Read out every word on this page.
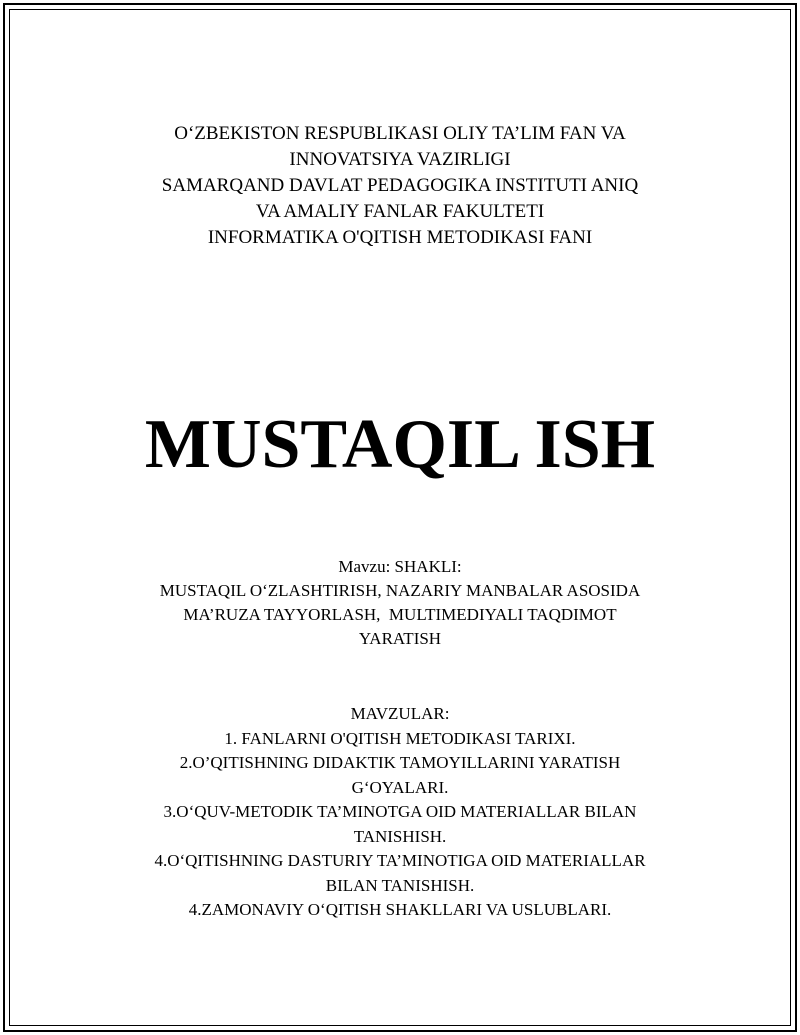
O‘ZBEKISTON RESPUBLIKASI OLIY TA’LIM FAN VA
INNOVATSIYA VAZIRLIGI
SAMARQAND DAVLAT PEDAGOGIKA INSTITUTI ANIQ
VA AMALIY FANLAR FAKULTETI
INFORMATIKA O'QITISH METODIKASI FANI
MUSTAQIL ISH
Mavzu: SHAKLI:
MUSTAQIL O‘ZLASHTIRISH, NAZARIY MANBALAR ASOSIDA
MA’RUZA TAYYORLASH,  MULTIMEDIYALI TAQDIMOT
YARATISH
MAVZULAR:
1. FANLARNI O'QITISH METODIKASI TARIXI.
2.O’QITISHNING DIDAKTIK TAMOYILLARINI YARATISH
G‘OYALARI.
3.O‘QUV-METODIK TA’MINOTGA OID MATERIALLAR BILAN
TANISHISH.
4.O‘QITISHNING DASTURIY TA’MINOTIGA OID MATERIALLAR
BILAN TANISHISH.
4.ZAMONAVIY O‘QITISH SHAKLLARI VA USLUBLARI.
